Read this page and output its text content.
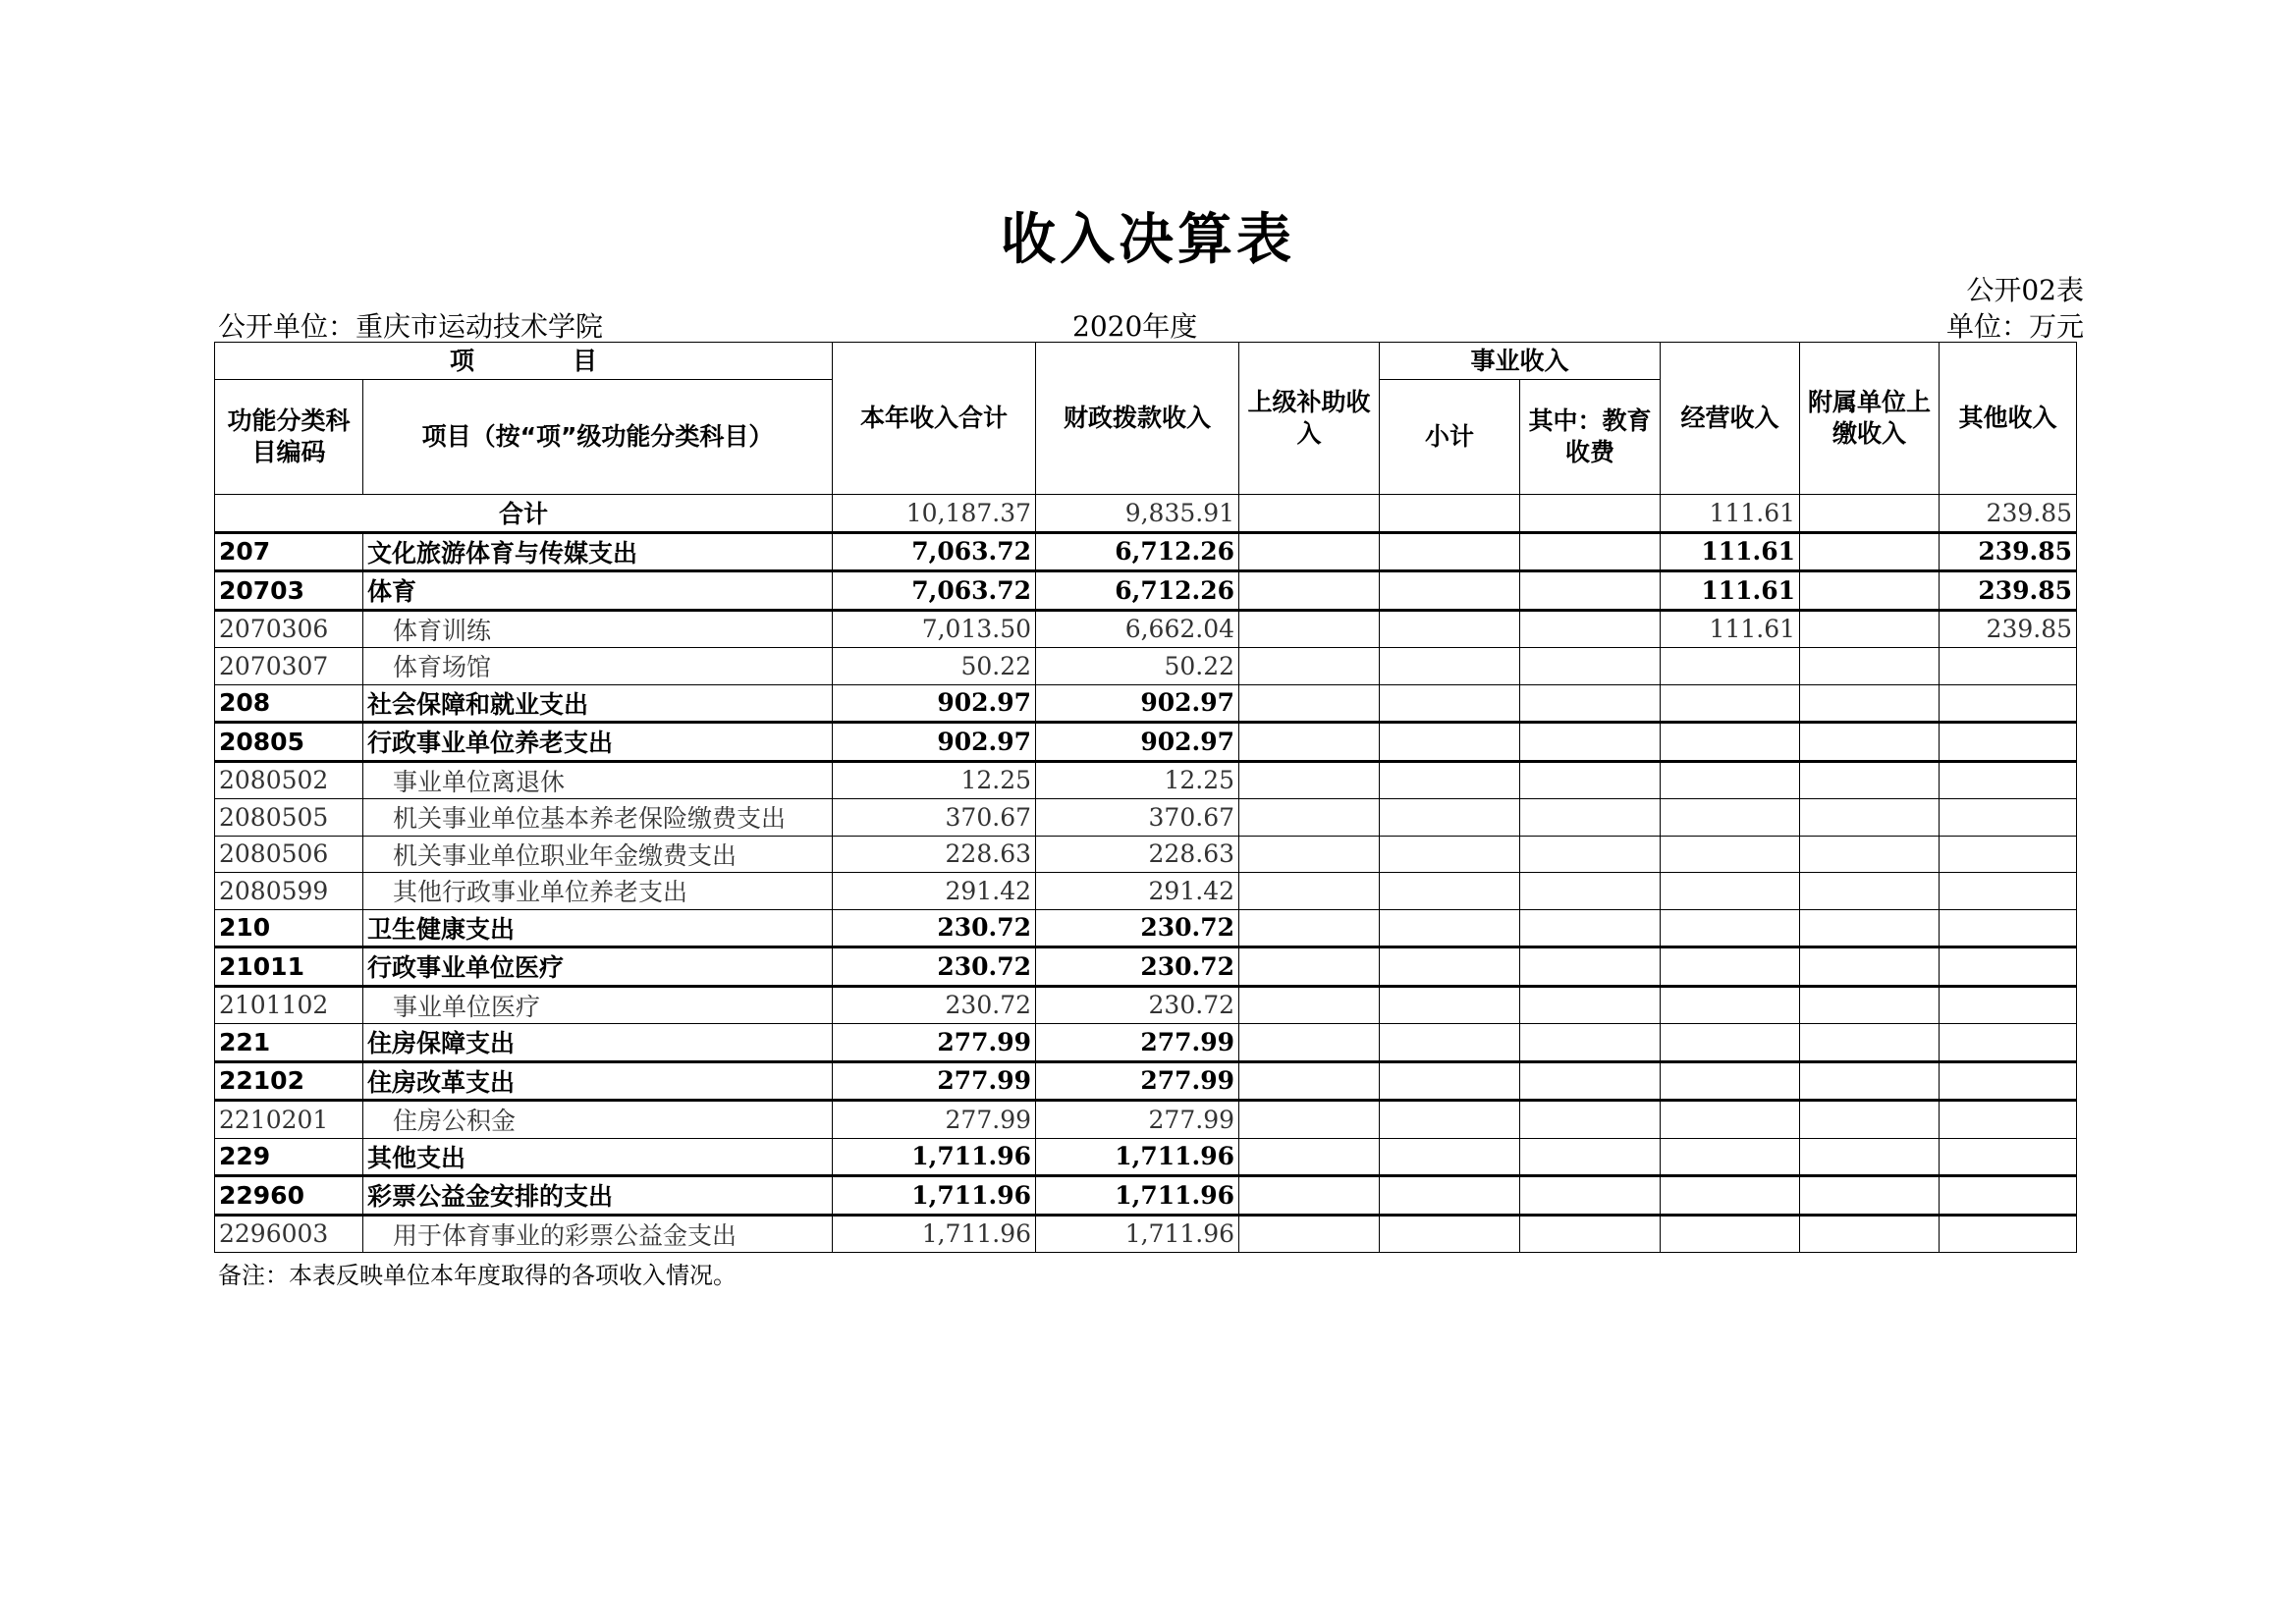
收入决算表
公开02表
公开单位：重庆市运动技术学院	2020年度	单位：万元
项　　　　目		本年收入合计	财政拨款收入	上级补助收入	事业收入		经营收入	附属单位上缴收入	其他收入
功能分类科目编码	项目（按“项”级功能分类科目）				小计	其中：教育收费			

合计		10,187.37	9,835.91				111.61		239.85
207	文化旅游体育与传媒支出	7,063.72	6,712.26				111.61		239.85
20703	体育	7,063.72	6,712.26				111.61		239.85
2070306	体育训练	7,013.50	6,662.04				111.61		239.85
2070307	体育场馆	50.22	50.22						
208	社会保障和就业支出	902.97	902.97						
20805	行政事业单位养老支出	902.97	902.97						
2080502	事业单位离退休	12.25	12.25						
2080505	机关事业单位基本养老保险缴费支出	370.67	370.67						
2080506	机关事业单位职业年金缴费支出	228.63	228.63						
2080599	其他行政事业单位养老支出	291.42	291.42						
210	卫生健康支出	230.72	230.72						
21011	行政事业单位医疗	230.72	230.72						
2101102	事业单位医疗	230.72	230.72						
221	住房保障支出	277.99	277.99						
22102	住房改革支出	277.99	277.99						
2210201	住房公积金	277.99	277.99						
229	其他支出	1,711.96	1,711.96						
22960	彩票公益金安排的支出	1,711.96	1,711.96						
2296003	用于体育事业的彩票公益金支出	1,711.96	1,711.96						
备注：本表反映单位本年度取得的各项收入情况。
